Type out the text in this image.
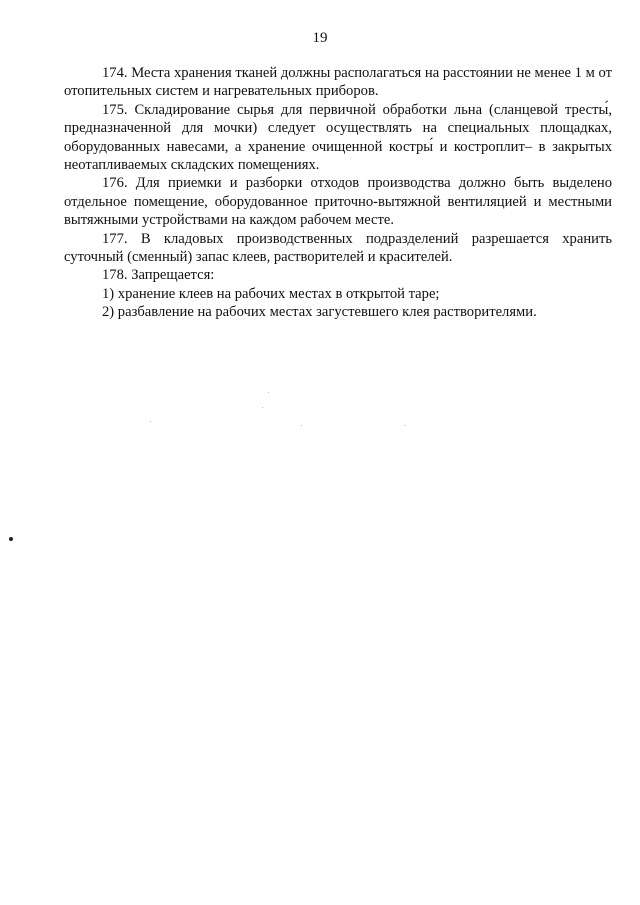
19

174. Места хранения тканей должны располагаться на расстоянии не менее 1 м от отопительных систем и нагревательных приборов.

175. Складирование сырья для первичной обработки льна (сланцевой тресты́, предназначенной для мочки) следует осуществлять на специальных площадках, оборудованных навесами, а хранение очищенной костры́ и костроплит– в закрытых неотапливаемых складских помещениях.

176. Для приемки и разборки отходов производства должно быть выделено отдельное помещение, оборудованное приточно-вытяжной вентиляцией и местными вытяжными устройствами на каждом рабочем месте.

177. В кладовых производственных подразделений разрешается хранить суточный (сменный) запас клеев, растворителей и красителей.

178. Запрещается:

1) хранение клеев на рабочих местах в открытой таре;

2) разбавление на рабочих местах загустевшего клея растворителями.
